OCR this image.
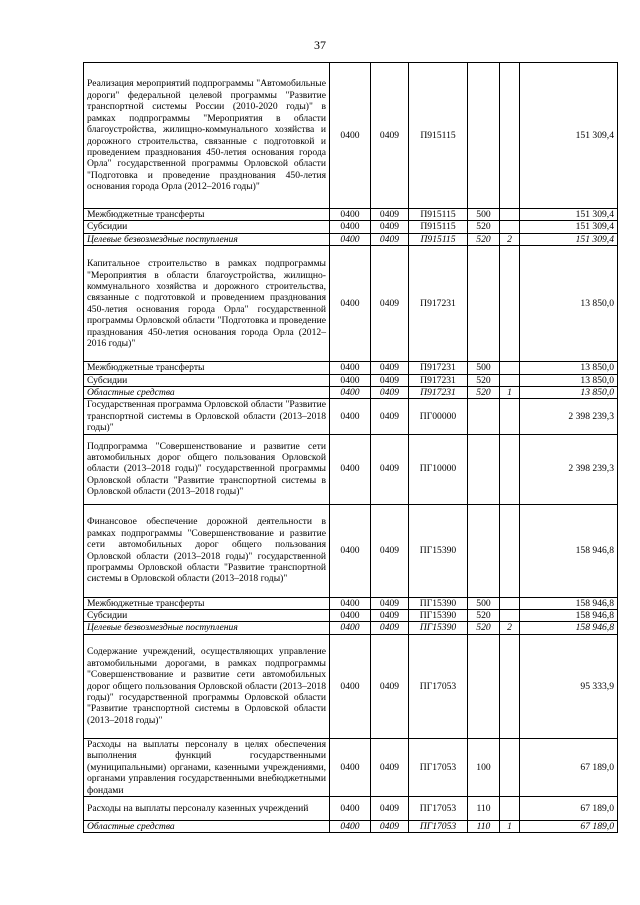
37
Реализация мероприятий подпрограммы "Автомобильные дороги" федеральной целевой программы "Развитие транспортной системы России (2010-2020 годы)" в рамках подпрограммы "Мероприятия в области благоустройства, жилищно-коммунального хозяйства и дорожного строительства, связанные с подготовкой и проведением празднования 450-летия основания города Орла" государственной программы Орловской области "Подготовка и проведение празднования 450-летия основания города Орла (2012–2016 годы)"	0400	0409	П915115			151 309,4
Межбюджетные трансферты	0400	0409	П915115	500		151 309,4
Субсидии	0400	0409	П915115	520		151 309,4
Целевые безвозмездные поступления	0400	0409	П915115	520	2	151 309,4
Капитальное строительство в рамках подпрограммы "Мероприятия в области благоустройства, жилищно-коммунального хозяйства и дорожного строительства, связанные с подготовкой и проведением празднования 450-летия основания города Орла" государственной программы Орловской области "Подготовка и проведение празднования 450-летия основания города Орла (2012–2016 годы)"	0400	0409	П917231			13 850,0
Межбюджетные трансферты	0400	0409	П917231	500		13 850,0
Субсидии	0400	0409	П917231	520		13 850,0
Областные средства	0400	0409	П917231	520	1	13 850,0
Государственная программа Орловской области "Развитие транспортной системы в Орловской области (2013–2018 годы)"	0400	0409	ПГ00000			2 398 239,3
Подпрограмма "Совершенствование и развитие сети автомобильных дорог общего пользования Орловской области (2013–2018 годы)" государственной программы Орловской области "Развитие транспортной системы в Орловской области (2013–2018 годы)"	0400	0409	ПГ10000			2 398 239,3
Финансовое обеспечение дорожной деятельности в рамках подпрограммы "Совершенствование и развитие сети автомобильных дорог общего пользования Орловской области (2013–2018 годы)" государственной программы Орловской области "Развитие транспортной системы в Орловской области (2013–2018 годы)"	0400	0409	ПГ15390			158 946,8
Межбюджетные трансферты	0400	0409	ПГ15390	500		158 946,8
Субсидии	0400	0409	ПГ15390	520		158 946,8
Целевые безвозмездные поступления	0400	0409	ПГ15390	520	2	158 946,8
Содержание учреждений, осуществляющих управление автомобильными дорогами, в рамках подпрограммы "Совершенствование и развитие сети автомобильных дорог общего пользования Орловской области (2013–2018 годы)" государственной программы Орловской области "Развитие транспортной системы в Орловской области (2013–2018 годы)"	0400	0409	ПГ17053			95 333,9
Расходы на выплаты персоналу в целях обеспечения выполнения функций государственными (муниципальными) органами, казенными учреждениями, органами управления государственными внебюджетными фондами	0400	0409	ПГ17053	100		67 189,0
Расходы на выплаты персоналу казенных учреждений	0400	0409	ПГ17053	110		67 189,0
Областные средства	0400	0409	ПГ17053	110	1	67 189,0
